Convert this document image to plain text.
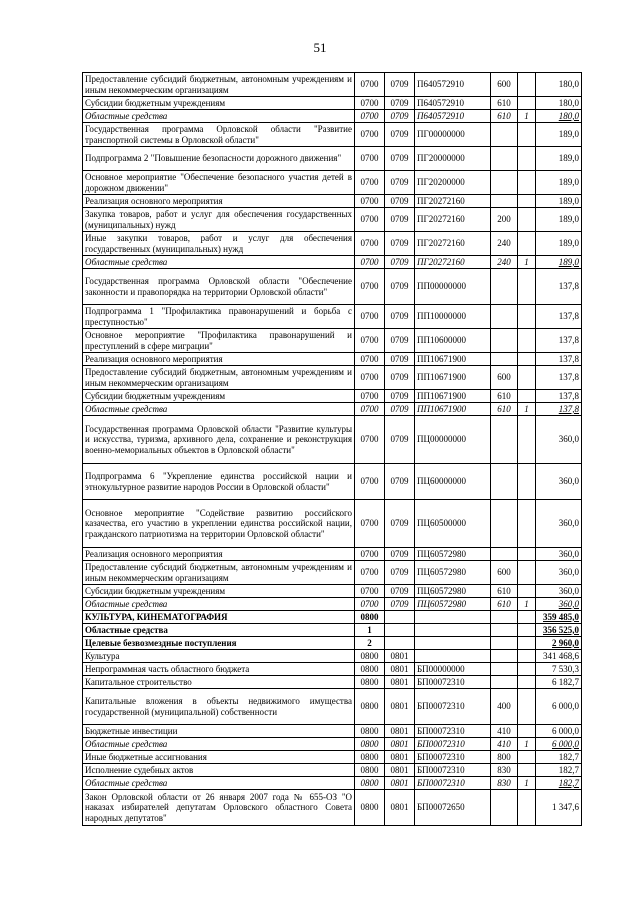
51
Предоставление субсидий бюджетным, автономным учреждениям и иным некоммерческим организациям	0700	0709	П640572910	600		180,0
Субсидии бюджетным учреждениям	0700	0709	П640572910	610		180,0
Областные средства	0700	0709	П640572910	610	1	180,0
Государственная программа Орловской области "Развитие транспортной системы в Орловской области"	0700	0709	ПГ00000000			189,0
Подпрограмма 2 "Повышение безопасности дорожного движения"	0700	0709	ПГ20000000			189,0
Основное мероприятие "Обеспечение безопасного участия детей в дорожном движении"	0700	0709	ПГ20200000			189,0
Реализация основного мероприятия	0700	0709	ПГ20272160			189,0
Закупка товаров, работ и услуг для обеспечения государственных (муниципальных) нужд	0700	0709	ПГ20272160	200		189,0
Иные закупки товаров, работ и услуг для обеспечения государственных (муниципальных) нужд	0700	0709	ПГ20272160	240		189,0
Областные средства	0700	0709	ПГ20272160	240	1	189,0
Государственная программа Орловской области "Обеспечение законности и правопорядка на территории Орловской области"	0700	0709	ПП00000000			137,8
Подпрограмма 1 "Профилактика правонарушений и борьба с преступностью"	0700	0709	ПП10000000			137,8
Основное мероприятие "Профилактика правонарушений и преступлений в сфере миграции"	0700	0709	ПП10600000			137,8
Реализация основного мероприятия	0700	0709	ПП10671900			137,8
Предоставление субсидий бюджетным, автономным учреждениям и иным некоммерческим организациям	0700	0709	ПП10671900	600		137,8
Субсидии бюджетным учреждениям	0700	0709	ПП10671900	610		137,8
Областные средства	0700	0709	ПП10671900	610	1	137,8
Государственная программа Орловской области "Развитие культуры и искусства, туризма, архивного дела, сохранение и реконструкция военно-мемориальных объектов в Орловской области"	0700	0709	ПЦ00000000			360,0
Подпрограмма 6 "Укрепление единства российской нации и этнокультурное развитие народов России в Орловской области"	0700	0709	ПЦ60000000			360,0
Основное мероприятие "Содействие развитию российского казачества, его участию в укреплении единства российской нации, гражданского патриотизма на территории Орловской области"	0700	0709	ПЦ60500000			360,0
Реализация основного мероприятия	0700	0709	ПЦ60572980			360,0
Предоставление субсидий бюджетным, автономным учреждениям и иным некоммерческим организациям	0700	0709	ПЦ60572980	600		360,0
Субсидии бюджетным учреждениям	0700	0709	ПЦ60572980	610		360,0
Областные средства	0700	0709	ПЦ60572980	610	1	360,0
КУЛЬТУРА, КИНЕМАТОГРАФИЯ	0800					359 485,0
Областные средства	1					356 525,0
Целевые безвозмездные поступления	2					2 960,0
Культура	0800	0801				341 468,6
Непрограммная часть областного бюджета	0800	0801	БП00000000			7 530,3
Капитальное строительство	0800	0801	БП00072310			6 182,7
Капитальные вложения в объекты недвижимого имущества государственной (муниципальной) собственности	0800	0801	БП00072310	400		6 000,0
Бюджетные инвестиции	0800	0801	БП00072310	410		6 000,0
Областные средства	0800	0801	БП00072310	410	1	6 000,0
Иные бюджетные ассигнования	0800	0801	БП00072310	800		182,7
Исполнение судебных актов	0800	0801	БП00072310	830		182,7
Областные средства	0800	0801	БП00072310	830	1	182,7
Закон Орловской области от 26 января 2007 года № 655-ОЗ "О наказах избирателей депутатам Орловского областного Совета народных депутатов"	0800	0801	БП00072650			1 347,6
